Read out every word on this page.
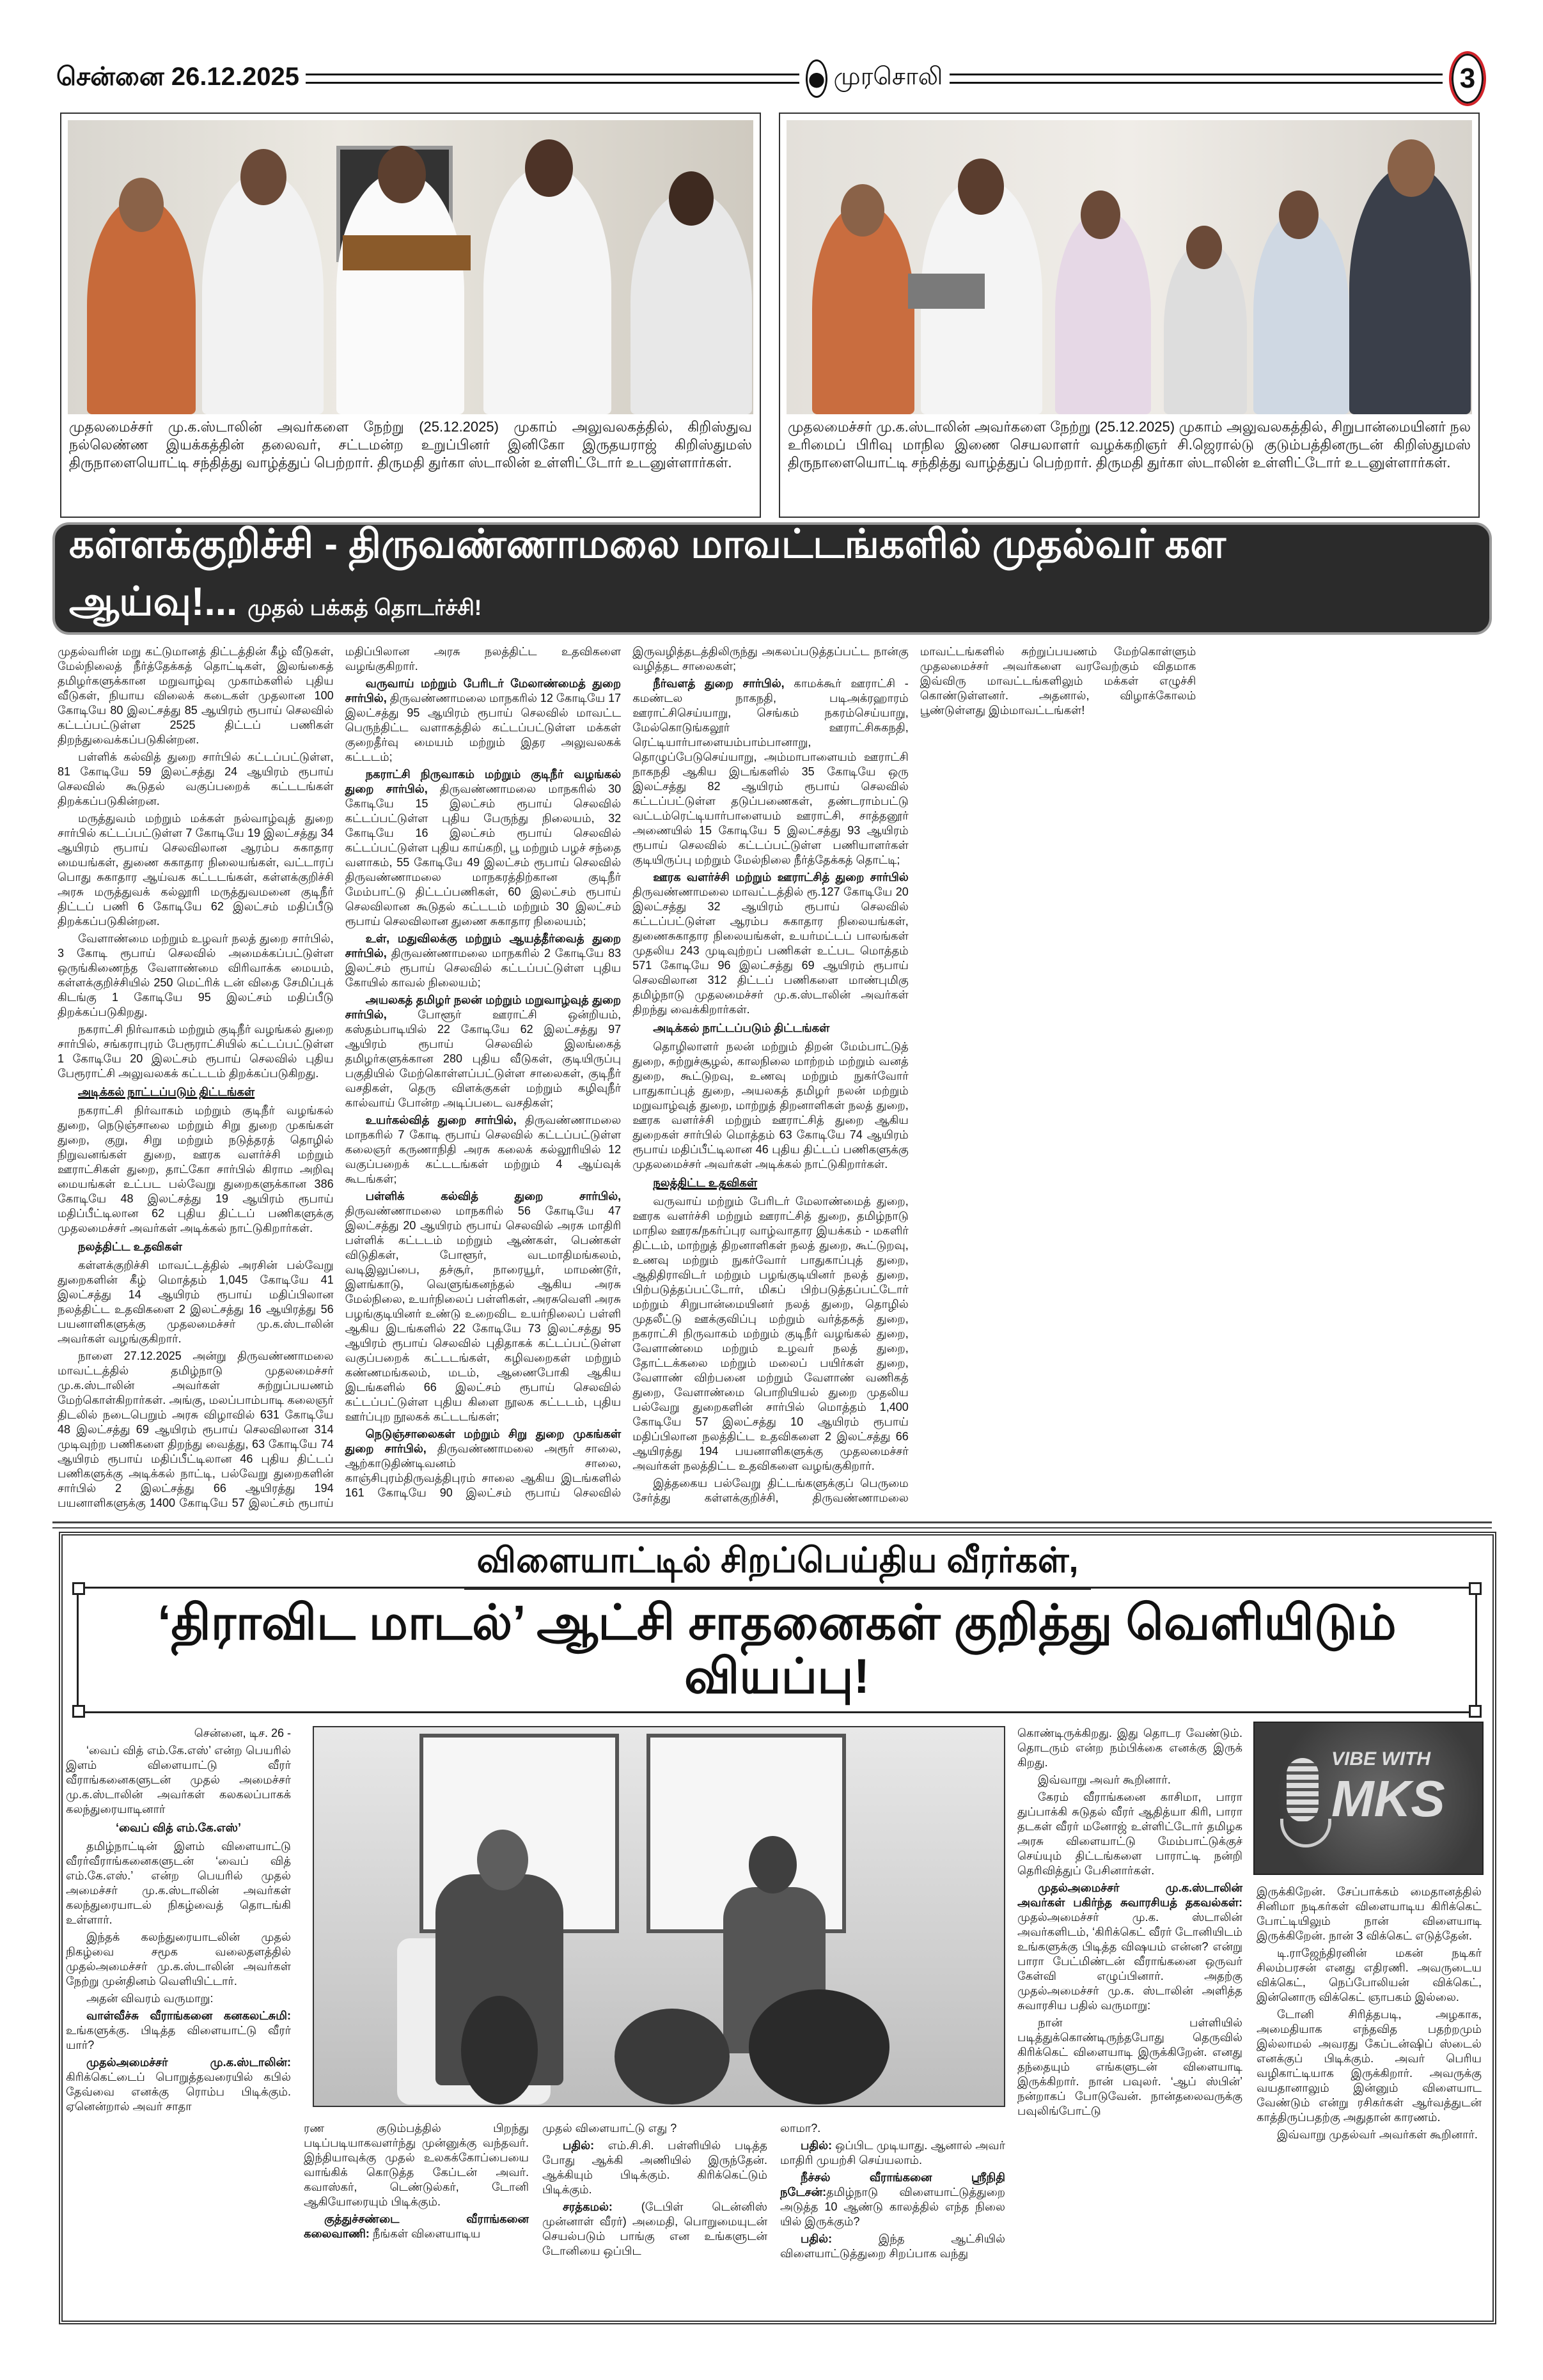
சென்னை 26.12.2025	முரசொலி	3
முதலமைச்சர் மு.க.ஸ்டாலின் அவர்களை நேற்று (25.12.2025) முகாம் அலுவலகத்தில், கிறிஸ்துவ நல்லெண்ண இயக்கத்தின் தலைவர், சட்டமன்ற உறுப்பினர் இனிகோ இருதயராஜ் கிறிஸ்துமஸ் திருநாளையொட்டி சந்தித்து வாழ்த்துப் பெற்றார். திருமதி துர்கா ஸ்டாலின் உள்ளிட்டோர் உடனுள்ளார்கள்.
முதலமைச்சர் மு.க.ஸ்டாலின் அவர்களை நேற்று (25.12.2025) முகாம் அலுவலகத்தில், சிறுபான்மையினர் நல உரிமைப் பிரிவு மாநில இணை செயலாளர் வழக்கறிஞர் சி.ஜெரால்டு குடும்பத்தினருடன் கிறிஸ்துமஸ் திருநாளையொட்டி சந்தித்து வாழ்த்துப் பெற்றார். திருமதி துர்கா ஸ்டாலின் உள்ளிட்டோர் உடனுள்ளார்கள்.
கள்ளக்குறிச்சி - திருவண்ணாமலை மாவட்டங்களில் முதல்வர் கள ஆய்வு!... முதல் பக்கத் தொடர்ச்சி!
முதல்வரின் மறு கட்டுமானத் திட்டத்தின் கீழ் வீடுகள், மேல்நிலைத் நீர்த்தேக்கத் தொட்டிகள், இலங்கைத் தமிழர்களுக்கான மறுவாழ்வு முகாம்களில் புதிய வீடுகள், நியாய விலைக் கடைகள் முதலான 100 கோடியே 80 இலட்சத்து 85 ஆயிரம் ரூபாய் செலவில் கட்டப்பட்டுள்ள 2525 திட்டப் பணிகள் திறந்துவைக்கப்படுகின்றன.
பள்ளிக் கல்வித் துறை சார்பில் கட்டப்பட்டுள்ள, 81 கோடியே 59 இலட்சத்து 24 ஆயிரம் ரூபாய் செலவில் கூடுதல் வகுப்பறைக் கட்டடங்கள் திறக்கப்படுகின்றன.
மருத்துவம் மற்றும் மக்கள் நல்வாழ்வுத் துறை சார்பில் கட்டப்பட்டுள்ள 7 கோடியே 19 இலட்சத்து 34 ஆயிரம் ரூபாய் செலவிலான ஆரம்ப சுகாதார மையங்கள், துணை சுகாதார நிலையங்கள், வட்டாரப் பொது சுகாதார ஆய்வக கட்டடங்கள், கள்ளக்குறிச்சி அரசு மருத்துவக் கல்லூரி மருத்துவமனை குடிநீர் திட்டப் பணி 6 கோடியே 62 இலட்சம் மதிப்பீடு திறக்கப்படுகின்றன.
வேளாண்மை மற்றும் உழவர் நலத் துறை சார்பில், 3 கோடி ரூபாய் செலவில் அமைக்கப்பட்டுள்ள ஒருங்கிணைந்த வேளாண்மை விரிவாக்க மையம், கள்ளக்குறிச்சியில் 250 மெட்ரிக் டன் விதை சேமிப்புக் கிடங்கு 1 கோடியே 95 இலட்சம் மதிப்பீடு திறக்கப்படுகிறது.
நகராட்சி நிர்வாகம் மற்றும் குடிநீர் வழங்கல் துறை சார்பில், சங்கராபுரம் பேரூராட்சியில் கட்டப்பட்டுள்ள 1 கோடியே 20 இலட்சம் ரூபாய் செலவில் புதிய பேரூராட்சி அலுவலகக் கட்டடம் திறக்கப்படுகிறது.
அடிக்கல் நாட்டப்படும் திட்டங்கள்
நகராட்சி நிர்வாகம் மற்றும் குடிநீர் வழங்கல் துறை, நெடுஞ்சாலை மற்றும் சிறு துறை முகங்கள் துறை, குறு, சிறு மற்றும் நடுத்தரத் தொழில் நிறுவனங்கள் துறை, ஊரக வளர்ச்சி மற்றும் ஊராட்சிகள் துறை, தாட்கோ சார்பில் கிராம அறிவு மையங்கள் உட்பட பல்வேறு துறைகளுக்கான 386 கோடியே 48 இலட்சத்து 19 ஆயிரம் ரூபாய் மதிப்பீட்டிலான 62 புதிய திட்டப் பணிகளுக்கு முதலமைச்சர் அவர்கள் அடிக்கல் நாட்டுகிறார்கள்.
நலத்திட்ட உதவிகள்
கள்ளக்குறிச்சி மாவட்டத்தில் அரசின் பல்வேறு துறைகளின் கீழ் மொத்தம் 1,045 கோடியே 41 இலட்சத்து 14 ஆயிரம் ரூபாய் மதிப்பிலான நலத்திட்ட உதவிகளை 2 இலட்சத்து 16 ஆயிரத்து 56 பயனாளிகளுக்கு முதலமைச்சர் மு.க.ஸ்டாலின் அவர்கள் வழங்குகிறார்.
நாளை 27.12.2025 அன்று திருவண்ணாமலை மாவட்டத்தில் தமிழ்நாடு முதலமைச்சர் மு.க.ஸ்டாலின் அவர்கள் சுற்றுப்பயணம் மேற்கொள்கிறார்கள். அங்கு, மலப்பாம்பாடி கலைஞர் திடலில் நடைபெறும் அரசு விழாவில் 631 கோடியே 48 இலட்சத்து 69 ஆயிரம் ரூபாய் செலவிலான 314 முடிவுற்ற பணிகளை திறந்து வைத்து, 63 கோடியே 74 ஆயிரம் ரூபாய் மதிப்பீட்டிலான 46 புதிய திட்டப் பணிகளுக்கு அடிக்கல் நாட்டி, பல்வேறு துறைகளின் சார்பில் 2 இலட்சத்து 66 ஆயிரத்து 194 பயனாளிகளுக்கு 1400 கோடியே 57 இலட்சம் ரூபாய் மதிப்பிலான அரசு நலத்திட்ட உதவிகளை வழங்குகிறார்.
வருவாய் மற்றும் பேரிடர் மேலாண்மைத் துறை சார்பில், திருவண்ணாமலை மாநகரில் 12 கோடியே 17 இலட்சத்து 95 ஆயிரம் ரூபாய் செலவில் மாவட்ட பெருந்திட்ட வளாகத்தில் கட்டப்பட்டுள்ள மக்கள் குறைதீர்வு மையம் மற்றும் இதர அலுவலகக் கட்டடம்;
நகராட்சி நிருவாகம் மற்றும் குடிநீர் வழங்கல் துறை சார்பில், திருவண்ணாமலை மாநகரில் 30 கோடியே 15 இலட்சம் ரூபாய் செலவில் கட்டப்பட்டுள்ள புதிய பேருந்து நிலையம், 32 கோடியே 16 இலட்சம் ரூபாய் செலவில் கட்டப்பட்டுள்ள புதிய காய்கறி, பூ மற்றும் பழச் சந்தை வளாகம், 55 கோடியே 49 இலட்சம் ரூபாய் செலவில் திருவண்ணாமலை மாநகரத்திற்கான குடிநீர் மேம்பாட்டு திட்டப்பணிகள், 60 இலட்சம் ரூபாய் செலவிலான கூடுதல் கட்டடம் மற்றும் 30 இலட்சம் ரூபாய் செலவிலான துணை சுகாதார நிலையம்;
உள், மதுவிலக்கு மற்றும் ஆயத்தீர்வைத் துறை சார்பில், திருவண்ணாமலை மாநகரில் 2 கோடியே 83 இலட்சம் ரூபாய் செலவில் கட்டப்பட்டுள்ள புதிய கோயில் காவல் நிலையம்;
அயலகத் தமிழர் நலன் மற்றும் மறுவாழ்வுத் துறை சார்பில், போளூர் ஊராட்சி ஒன்றியம், கஸ்தம்பாடியில் 22 கோடியே 62 இலட்சத்து 97 ஆயிரம் ரூபாய் செலவில் இலங்கைத் தமிழர்களுக்கான 280 புதிய வீடுகள், குடியிருப்பு பகுதியில் மேற்கொள்ளப்பட்டுள்ள சாலைகள், குடிநீர் வசதிகள், தெரு விளக்குகள் மற்றும் கழிவுநீர் கால்வாய் போன்ற அடிப்படை வசதிகள்;
உயர்கல்வித் துறை சார்பில், திருவண்ணாமலை மாநகரில் 7 கோடி ரூபாய் செலவில் கட்டப்பட்டுள்ள கலைஞர் கருணாநிதி அரசு கலைக் கல்லூரியில் 12 வகுப்பறைக் கட்டடங்கள் மற்றும் 4 ஆய்வுக் கூடங்கள்;
பள்ளிக் கல்வித் துறை சார்பில், திருவண்ணாமலை மாநகரில் 56 கோடியே 47 இலட்சத்து 20 ஆயிரம் ரூபாய் செலவில் அரசு மாதிரி பள்ளிக் கட்டடம் மற்றும் ஆண்கள், பெண்கள் விடுதிகள், போளூர், வடமாதிமங்கலம், வடிஇலுப்பை, தச்சூர், நாரையூர், மாமண்டூர், இளங்காடு, வெளுங்கனந்தல் ஆகிய அரசு மேல்நிலை, உயர்நிலைப் பள்ளிகள், அரசுவெளி அரசு பழங்குடியினர் உண்டு உறைவிட உயர்நிலைப் பள்ளி ஆகிய இடங்களில் 22 கோடியே 73 இலட்சத்து 95 ஆயிரம் ரூபாய் செலவில் புதிதாகக் கட்டப்பட்டுள்ள வகுப்பறைக் கட்டடங்கள், கழிவறைகள் மற்றும் கண்ணமங்கலம், மடம், ஆணைபோகி ஆகிய இடங்களில் 66 இலட்சம் ரூபாய் செலவில் கட்டப்பட்டுள்ள புதிய கிளை நூலக கட்டடம், புதிய ஊர்ப்புற நூலகக் கட்டடங்கள்;
நெடுஞ்சாலைகள் மற்றும் சிறு துறை முகங்கள் துறை சார்பில், திருவண்ணாமலை அரூர் சாலை, ஆற்காடுதிண்டிவனம் சாலை, காஞ்சிபுரம்திருவத்திபுரம் சாலை ஆகிய இடங்களில் 161 கோடியே 90 இலட்சம் ரூபாய் செலவில் இருவழித்தடத்திலிருந்து அகலப்படுத்தப்பட்ட நான்கு வழித்தட சாலைகள்;
நீர்வளத் துறை சார்பில், காமக்கூர் ஊராட்சி - கமண்டல நாகநதி, படிஅக்ரஹாரம் ஊராட்சிசெய்யாறு, செங்கம் நகரம்செய்யாறு, மேல்கொடுங்கலூர் ஊராட்சிசுகநதி, ரெட்டியார்பாளையம்பாம்பானாறு, தொழுப்பேடுசெய்யாறு, அம்மாபாளையம் ஊராட்சி நாகநதி ஆகிய இடங்களில் 35 கோடியே ஒரு இலட்சத்து 82 ஆயிரம் ரூபாய் செலவில் கட்டப்பட்டுள்ள தடுப்பணைகள், தண்டராம்பட்டு வட்டம்ரெட்டியார்பாளையம் ஊராட்சி, சாத்தனூர் அணையில் 15 கோடியே 5 இலட்சத்து 93 ஆயிரம் ரூபாய் செலவில் கட்டப்பட்டுள்ள பணியாளர்கள் குடியிருப்பு மற்றும் மேல்நிலை நீர்த்தேக்கத் தொட்டி;
ஊரக வளர்ச்சி மற்றும் ஊராட்சித் துறை சார்பில் திருவண்ணாமலை மாவட்டத்தில் ரூ.127 கோடியே 20 இலட்சத்து 32 ஆயிரம் ரூபாய் செலவில் கட்டப்பட்டுள்ள ஆரம்ப சுகாதார நிலையங்கள், துணைசுகாதார நிலையங்கள், உயர்மட்டப் பாலங்கள் முதலிய 243 முடிவுற்றப் பணிகள் உட்பட மொத்தம் 571 கோடியே 96 இலட்சத்து 69 ஆயிரம் ரூபாய் செலவிலான 312 திட்டப் பணிகளை மாண்புமிகு தமிழ்நாடு முதலமைச்சர் மு.க.ஸ்டாலின் அவர்கள் திறந்து வைக்கிறார்கள்.
அடிக்கல் நாட்டப்படும் திட்டங்கள்
தொழிலாளர் நலன் மற்றும் திறன் மேம்பாட்டுத் துறை, சுற்றுச்சூழல், காலநிலை மாற்றம் மற்றும் வனத் துறை, கூட்டுறவு, உணவு மற்றும் நுகர்வோர் பாதுகாப்புத் துறை, அயலகத் தமிழர் நலன் மற்றும் மறுவாழ்வுத் துறை, மாற்றுத் திறனாளிகள் நலத் துறை, ஊரக வளர்ச்சி மற்றும் ஊராட்சித் துறை ஆகிய துறைகள் சார்பில் மொத்தம் 63 கோடியே 74 ஆயிரம் ரூபாய் மதிப்பீட்டிலான 46 புதிய திட்டப் பணிகளுக்கு முதலமைச்சர் அவர்கள் அடிக்கல் நாட்டுகிறார்கள்.
நலத்திட்ட உதவிகள்
வருவாய் மற்றும் பேரிடர் மேலாண்மைத் துறை, ஊரக வளர்ச்சி மற்றும் ஊராட்சித் துறை, தமிழ்நாடு மாநில ஊரக/நகர்ப்புர வாழ்வாதார இயக்கம் - மகளிர் திட்டம், மாற்றுத் திறனாளிகள் நலத் துறை, கூட்டுறவு, உணவு மற்றும் நுகர்வோர் பாதுகாப்புத் துறை, ஆதிதிராவிடர் மற்றும் பழங்குடியினர் நலத் துறை, பிற்படுத்தப்பட்டோர், மிகப் பிற்படுத்தப்பட்டோர் மற்றும் சிறுபான்மையினர் நலத் துறை, தொழில் முதலீட்டு ஊக்குவிப்பு மற்றும் வர்த்தகத் துறை, நகராட்சி நிருவாகம் மற்றும் குடிநீர் வழங்கல் துறை, வேளாண்மை மற்றும் உழவர் நலத் துறை, தோட்டக்கலை மற்றும் மலைப் பயிர்கள் துறை, வேளாண் விற்பனை மற்றும் வேளாண் வணிகத் துறை, வேளாண்மை பொறியியல் துறை முதலிய பல்வேறு துறைகளின் சார்பில் மொத்தம் 1,400 கோடியே 57 இலட்சத்து 10 ஆயிரம் ரூபாய் மதிப்பிலான நலத்திட்ட உதவிகளை 2 இலட்சத்து 66 ஆயிரத்து 194 பயனாளிகளுக்கு முதலமைச்சர் அவர்கள் நலத்திட்ட உதவிகளை வழங்குகிறார்.
இத்தகைய பல்வேறு திட்டங்களுக்குப் பெருமை சேர்த்து கள்ளக்குறிச்சி, திருவண்ணாமலை மாவட்டங்களில் சுற்றுப்பயணம் மேற்கொள்ளும் முதலமைச்சர் அவர்களை வரவேற்கும் விதமாக இவ்விரு மாவட்டங்களிலும் மக்கள் எழுச்சி கொண்டுள்ளனர். அதனால், விழாக்கோலம் பூண்டுள்ளது இம்மாவட்டங்கள்!
விளையாட்டில் சிறப்பெய்திய வீரர்கள்,
‘திராவிட மாடல்’ ஆட்சி சாதனைகள் குறித்து வெளியிடும் வியப்பு!
சென்னை, டிச. 26 -
‘வைப் வித் எம்.கே.எஸ்’ என்ற பெயரில் இளம் விளையாட்டு வீரர் வீராங்கனைகளுடன் முதல் அமைச்சர் மு.க.ஸ்டாலின் அவர்கள் கலகலப்பாகக் கலந்துரையாடினார்
‘வைப் வித் எம்.கே.எஸ்’
தமிழ்நாட்டின் இளம் விளையாட்டு வீரர்வீராங்கனைகளுடன் ‘வைப் வித் எம்.கே.எஸ்.’ என்ற பெயரில் முதல் அமைச்சர் மு.க.ஸ்டாலின் அவர்கள் கலந்துரையாடல் நிகழ்வைத் தொடங்கி உள்ளார்.
இந்தக் கலந்துரையாடலின் முதல் நிகழ்வை சமூக வலைதளத்தில் முதல்அமைச்சர் மு.க.ஸ்டாலின் அவர்கள் நேற்று முன்தினம் வெளியிட்டார்.
அதன் விவரம் வருமாறு:
வாள்வீச்சு வீராங்கனை கனகலட்சுமி: உங்களுக்கு. பிடித்த விளையாட்டு வீரர் யார்?
முதல்அமைச்சர் மு.க.ஸ்டாலின்: கிரிக்கெட்டைப் பொறுத்தவரையில் கபில் தேவ்வை எனக்கு ரொம்ப பிடிக்கும். ஏனென்றால் அவர் சாதா
ரண குடும்பத்தில் பிறந்து படிப்படியாகவளர்ந்து முன்னுக்கு வந்தவர். இந்தியாவுக்கு முதல் உலகக்கோப்பையை வாங்கிக் கொடுத்த கேப்டன் அவர். கவாஸ்கர், டெண்டுல்கர், டோனி ஆகியோரையும் பிடிக்கும்.
குத்துச்சண்டை வீராங்கனை கலைவாணி: நீங்கள் விளையாடிய
முதல் விளையாட்டு எது ?
பதில்: எம்.சி.சி. பள்ளியில் படித்த போது ஆக்கி அணியில் இருந்தேன். ஆக்கியும் பிடிக்கும். கிரிக்கெட்டும் பிடிக்கும்.
சரத்கமல்: (டேபிள் டென்னிஸ் முன்னாள் வீரர்) அமைதி, பொறுமையுடன் செயல்படும் பாங்கு என உங்களுடன் டோனியை ஒப்பிட
லாமா?.
பதில்: ஒப்பிட முடியாது. ஆனால் அவர் மாதிரி முயற்சி செய்யலாம்.
நீச்சல் வீராங்கனை ஸ்ரீநிதி நடேசன்:தமிழ்நாடு விளையாட்டுத்துறை அடுத்த 10 ஆண்டு காலத்தில் எந்த நிலை யில் இருக்கும்?
பதில்: இந்த ஆட்சியில் விளையாட்டுத்துறை சிறப்பாக வந்து
கொண்டிருக்கிறது. இது தொடர வேண்டும். தொடரும் என்ற நம்பிக்கை எனக்கு இருக் கிறது.
இவ்வாறு அவர் கூறினார்.
கேரம் வீராங்கனை காசிமா, பாரா துப்பாக்கி சுடுதல் வீரர் ஆதித்யா கிரி, பாரா தடகள் வீரர் மனோஜ் உள்ளிட்டோர் தமிழக அரசு விளையாட்டு மேம்பாட்டுக்குச் செய்யும் திட்டங்களை பாராட்டி நன்றி தெரிவித்துப் பேசினார்கள்.
முதல்அமைச்சர் மு.க.ஸ்டாலின் அவர்கள் பகிர்ந்த சுவாரசியத் தகவல்கள்: முதல்அமைச்சர் மு.க. ஸ்டாலின் அவர்களிடம், ‘கிரிக்கெட் வீரர் டோனியிடம் உங்களுக்கு பிடித்த விஷயம் என்ன? என்று பாரா பேட்மிண்டன் வீராங்கனை ஒருவர் கேள்வி எழுப்பினார். அதற்கு முதல்அமைச்சர் மு.க. ஸ்டாலின் அளித்த சுவாரசிய பதில் வருமாறு:
நான் பள்ளியில் படித்துக்கொண்டிருந்தபோது தெருவில் கிரிக்கெட் விளையாடி இருக்கிறேன். எனது தந்தையும் எங்களுடன் விளையாடி இருக்கிறார். நான் பவுலர். ‘ஆப் ஸ்பின்’ நன்றாகப் போடுவேன். நான்தலைவருக்கு பவுலிங்போட்டு
VIBE WITH
MKS
இருக்கிறேன். சேப்பாக்கம் மைதானத்தில் சினிமா நடிகர்கள் விளையாடிய கிரிக்கெட் போட்டியிலும் நான் விளையாடி இருக்கிறேன். நான் 3 விக்கெட் எடுத்தேன்.
டி.ராஜேந்திரனின் மகன் நடிகர் சிலம்பரசன் எனது எதிரணி. அவருடைய விக்கெட், நெப்போலியன் விக்கெட், இன்னொரு விக்கெட் ஞாபகம் இல்லை.
டோனி சிரித்தபடி, அழகாக, அமைதியாக எந்தவித பதற்றமும் இல்லாமல் அவரது கேப்டன்ஷிப் ஸ்டைல் எனக்குப் பிடிக்கும். அவர் பெரிய வழிகாட்டியாக இருக்கிறார். அவருக்கு வயதானாலும் இன்னும் விளையாட வேண்டும் என்று ரசிகர்கள் ஆர்வத்துடன் காத்திருப்பதற்கு அதுதான் காரணம்.
இவ்வாறு முதல்வர் அவர்கள் கூறினார்.
